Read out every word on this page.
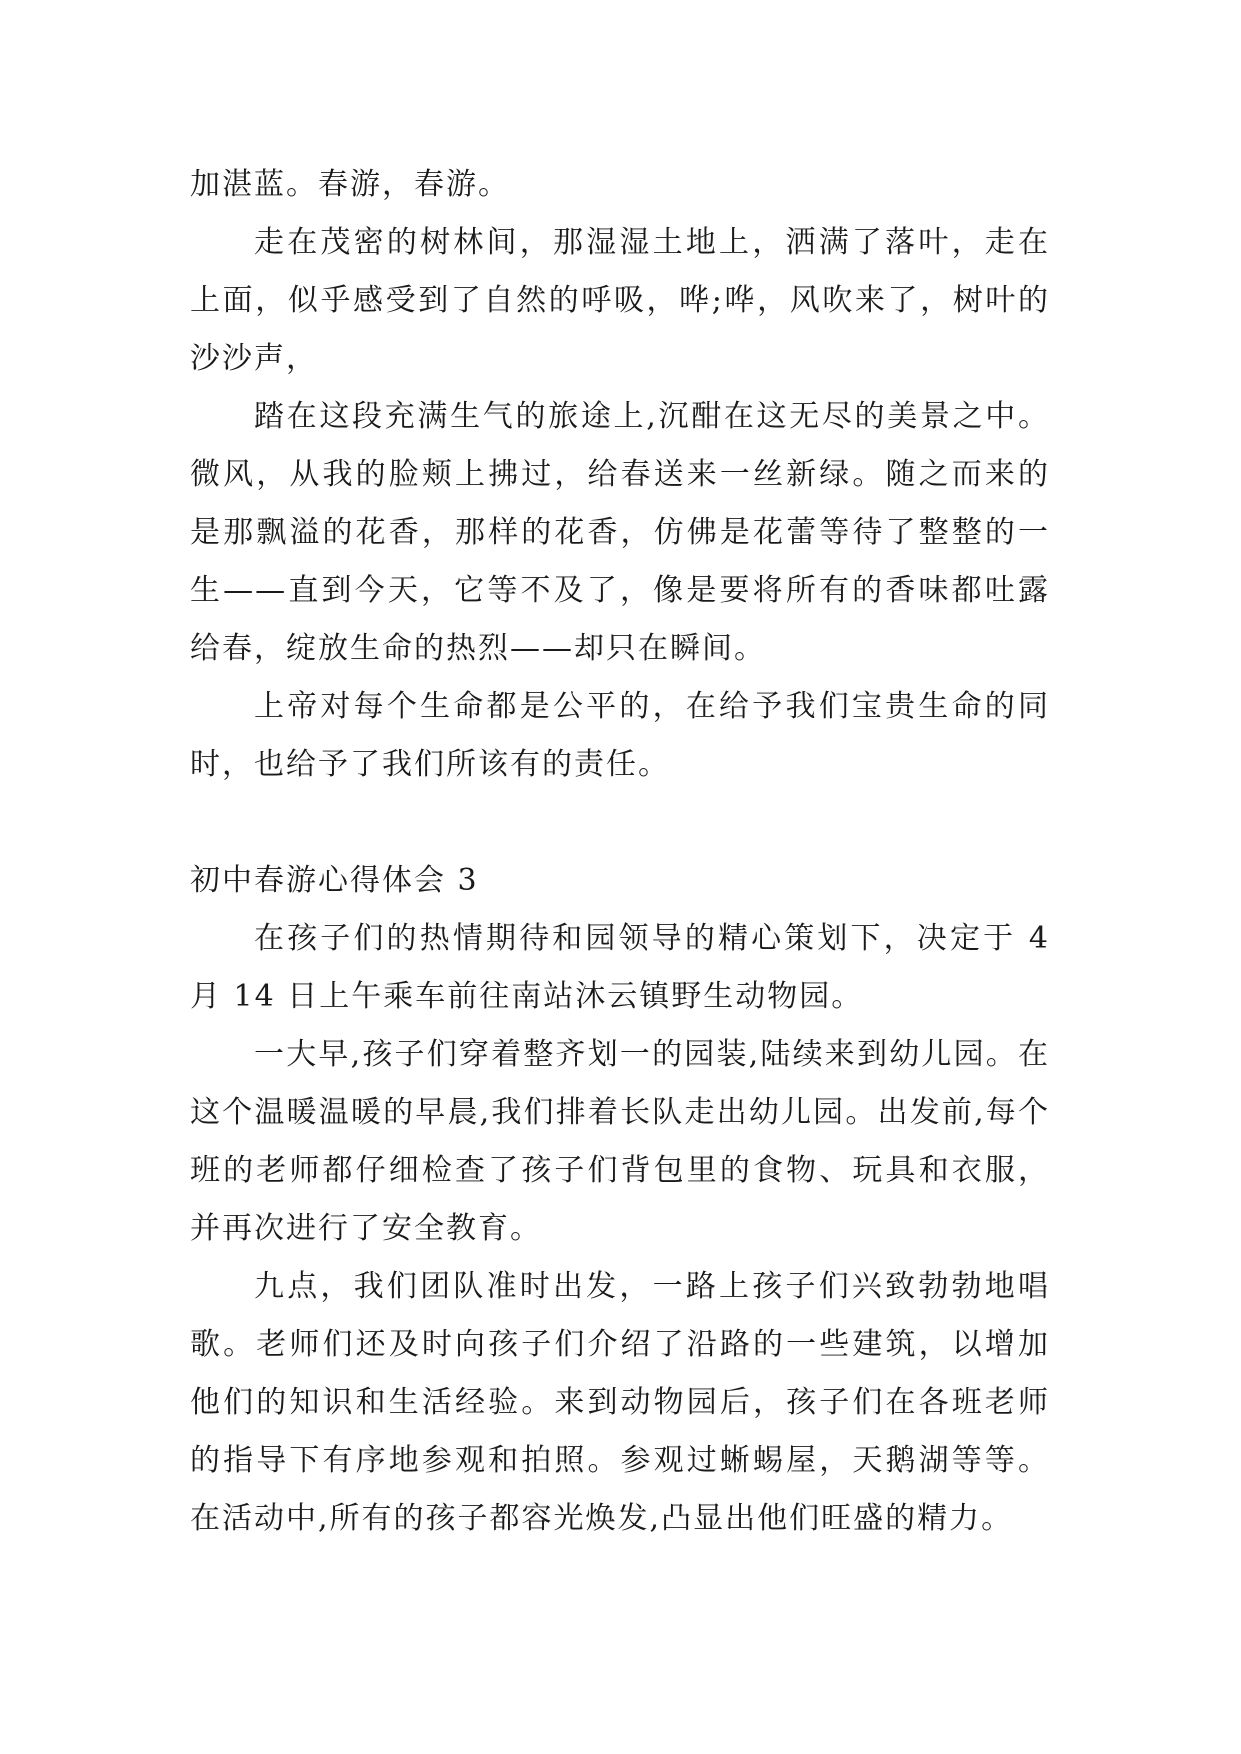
加湛蓝。春游，春游。

走在茂密的树林间，那湿湿土地上，洒满了落叶，走在上面，似乎感受到了自然的呼吸，哗;哗，风吹来了，树叶的沙沙声，

踏在这段充满生气的旅途上,沉酣在这无尽的美景之中。微风，从我的脸颊上拂过，给春送来一丝新绿。随之而来的是那飘溢的花香，那样的花香，仿佛是花蕾等待了整整的一生——直到今天，它等不及了，像是要将所有的香味都吐露给春，绽放生命的热烈——却只在瞬间。

上帝对每个生命都是公平的，在给予我们宝贵生命的同时，也给予了我们所该有的责任。

初中春游心得体会 3

在孩子们的热情期待和园领导的精心策划下，决定于 4 月 14 日上午乘车前往南站沐云镇野生动物园。

一大早,孩子们穿着整齐划一的园装,陆续来到幼儿园。在这个温暖温暖的早晨,我们排着长队走出幼儿园。出发前,每个班的老师都仔细检查了孩子们背包里的食物、玩具和衣服，并再次进行了安全教育。

九点，我们团队准时出发，一路上孩子们兴致勃勃地唱歌。老师们还及时向孩子们介绍了沿路的一些建筑，以增加他们的知识和生活经验。来到动物园后，孩子们在各班老师的指导下有序地参观和拍照。参观过蜥蜴屋，天鹅湖等等。在活动中,所有的孩子都容光焕发,凸显出他们旺盛的精力。
